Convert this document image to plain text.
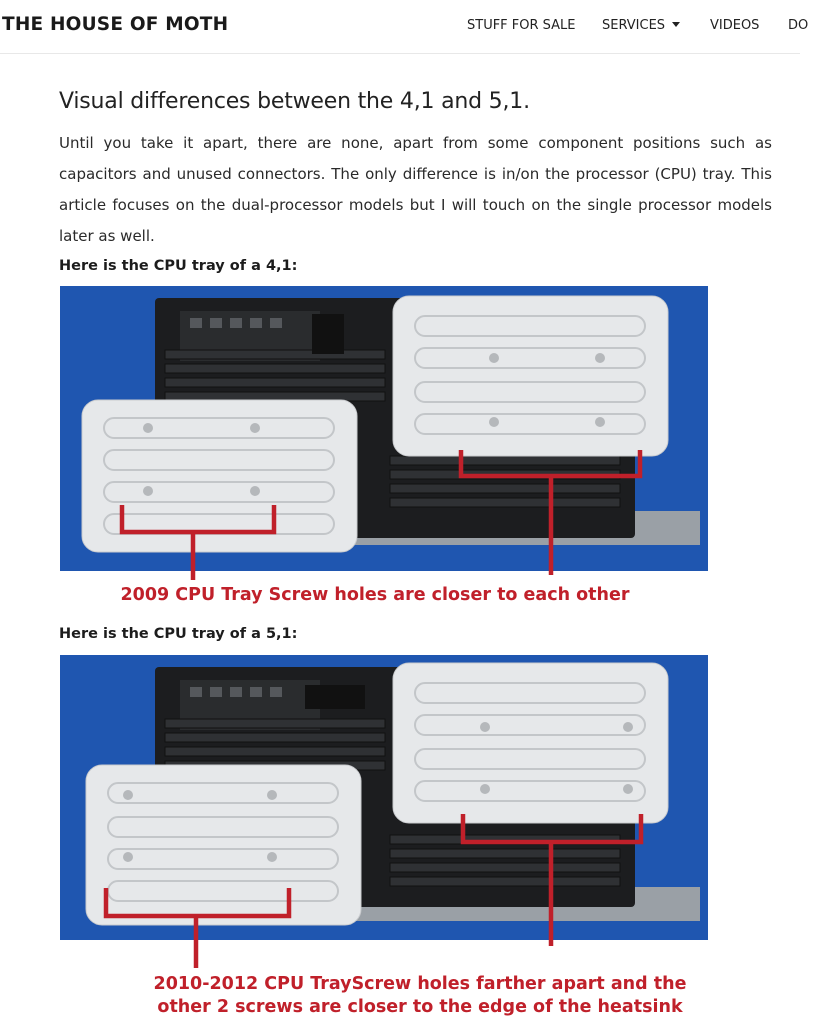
THE HOUSE OF MOTH	STUFF FOR SALE SERVICES	VIDEOS DO
Visual differences between the 4,1 and 5,1.

Until you take it apart, there are none, apart from some component positions such as capacitors and unused connectors. The only difference is in/on the processor (CPU) tray. This article focuses on the dual-processor models but I will touch on the single processor models later as well.

Here is the CPU tray of a 4,1:
Here is the CPU tray of a 5,1:
2009 CPU Tray Screw holes are closer to each other
2010-2012 CPU TrayScrew holes farther apart and the
other 2 screws are closer to the edge of the heatsink
